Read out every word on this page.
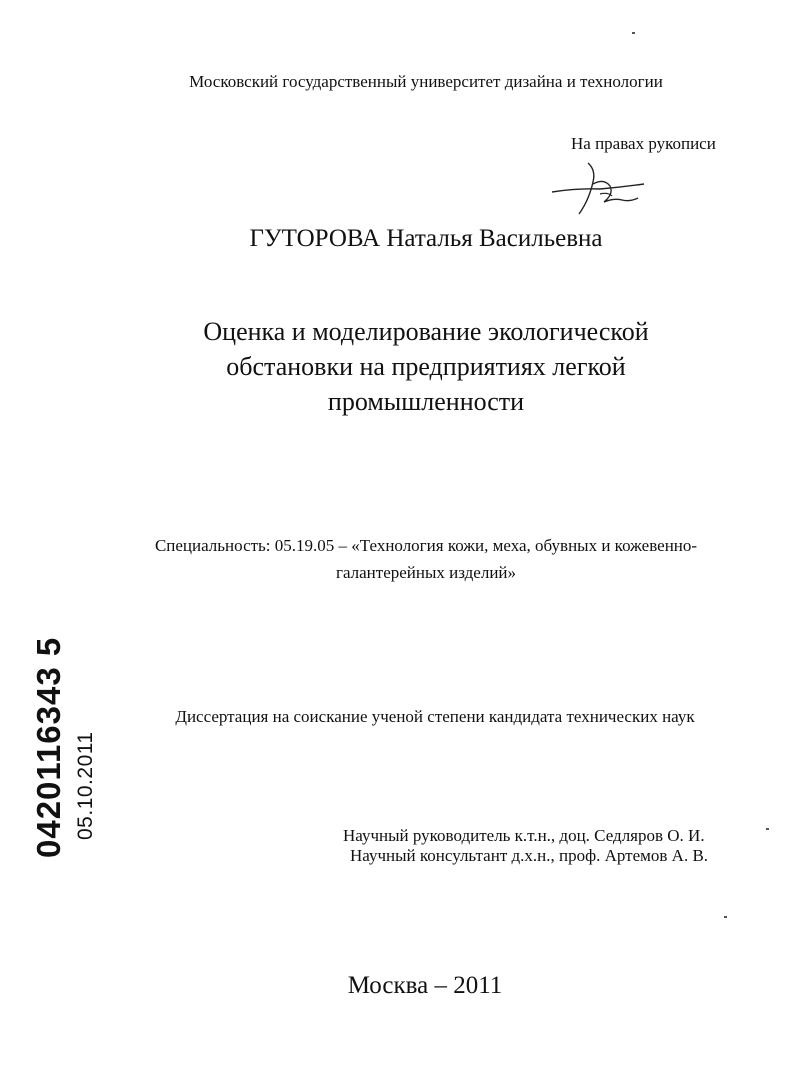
Московский государственный университет дизайна и технологии
На правах рукописи
ГУТОРОВА Наталья Васильевна
Оценка и моделирование экологической
обстановки на предприятиях легкой
промышленности
Специальность: 05.19.05 – «Технология кожи, меха, обувных и кожевенно-
галантерейных изделий»
0420116343 5 05.10.2011
Диссертация на соискание ученой степени кандидата технических наук
Научный руководитель к.т.н., доц. Седляров О. И.
Научный консультант д.х.н., проф. Артемов А. В.
Москва – 2011
